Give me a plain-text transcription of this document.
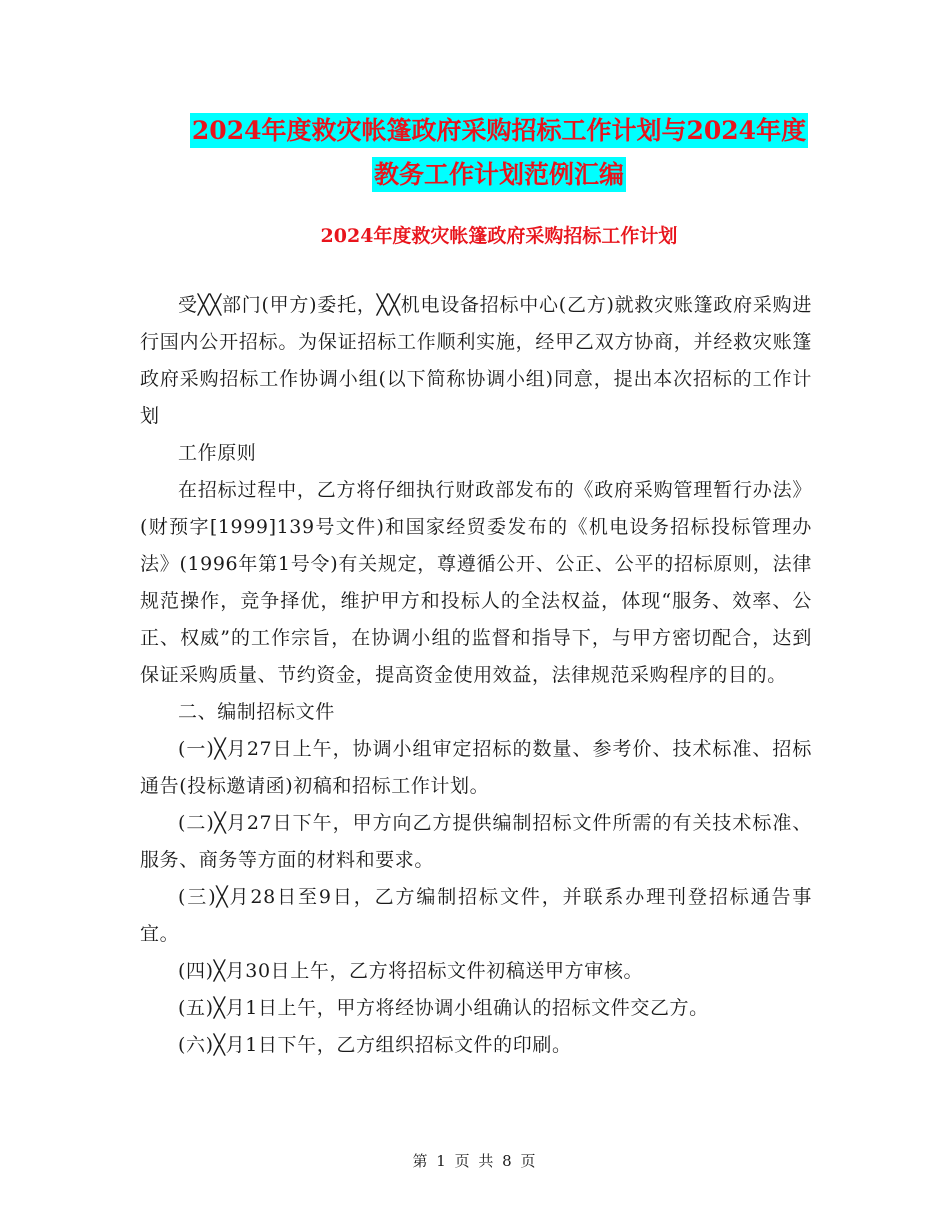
2024年度救灾帐篷政府采购招标工作计划与2024年度
教务工作计划范例汇编
2024年度救灾帐篷政府采购招标工作计划

受╳╳部门(甲方)委托，╳╳机电设备招标中心(乙方)就救灾账篷政府采购进行国内公开招标。为保证招标工作顺利实施，经甲乙双方协商，并经救灾账篷政府采购招标工作协调小组(以下简称协调小组)同意，提出本次招标的工作计划

工作原则

在招标过程中，乙方将仔细执行财政部发布的《政府采购管理暂行办法》(财预字[1999]139号文件)和国家经贸委发布的《机电设务招标投标管理办法》(1996年第1号令)有关规定，尊遵循公开、公正、公平的招标原则，法律规范操作，竞争择优，维护甲方和投标人的全法权益，体现“服务、效率、公正、权威”的工作宗旨，在协调小组的监督和指导下，与甲方密切配合，达到保证采购质量、节约资金，提高资金使用效益，法律规范采购程序的目的。

二、编制招标文件

(一)╳月27日上午，协调小组审定招标的数量、参考价、技术标准、招标通告(投标邀请函)初稿和招标工作计划。

(二)╳月27日下午，甲方向乙方提供编制招标文件所需的有关技术标准、服务、商务等方面的材料和要求。

(三)╳月28日至9日，乙方编制招标文件，并联系办理刊登招标通告事宜。

(四)╳月30日上午，乙方将招标文件初稿送甲方审核。

(五)╳月1日上午，甲方将经协调小组确认的招标文件交乙方。

(六)╳月1日下午，乙方组织招标文件的印刷。

第 1 页 共 8 页
